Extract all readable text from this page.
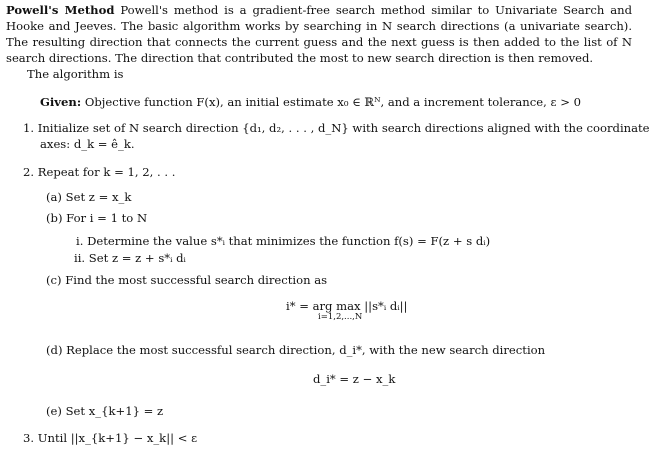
Powell's Method Powell's method is a gradient-free search method similar to Univariate Search and Hooke and Jeeves. The basic algorithm works by searching in N search directions (a univariate search). The resulting direction that connects the current guess and the next guess is then added to the list of N search directions. The direction that contributed the most to new search direction is then removed.
The algorithm is
Given: Objective function F(x), an initial estimate x₀ ∈ ℝᴺ, and a increment tolerance, ε > 0
1. Initialize set of N search direction {d₁, d₂, . . . , d_N} with search directions aligned with the coordinate
axes: d_k = ê_k.
2. Repeat for k = 1, 2, . . .
(a) Set z = x_k
(b) For i = 1 to N
i. Determine the value s*ᵢ that minimizes the function f(s) = F(z + s dᵢ)
ii. Set z = z + s*ᵢ dᵢ
(c) Find the most successful search direction as
i* = arg max ||s*ᵢ dᵢ||
i=1,2,...,N
(d) Replace the most successful search direction, d_i*, with the new search direction
d_i* = z − x_k
(e) Set x_{k+1} = z
3. Until ||x_{k+1} − x_k|| < ε
